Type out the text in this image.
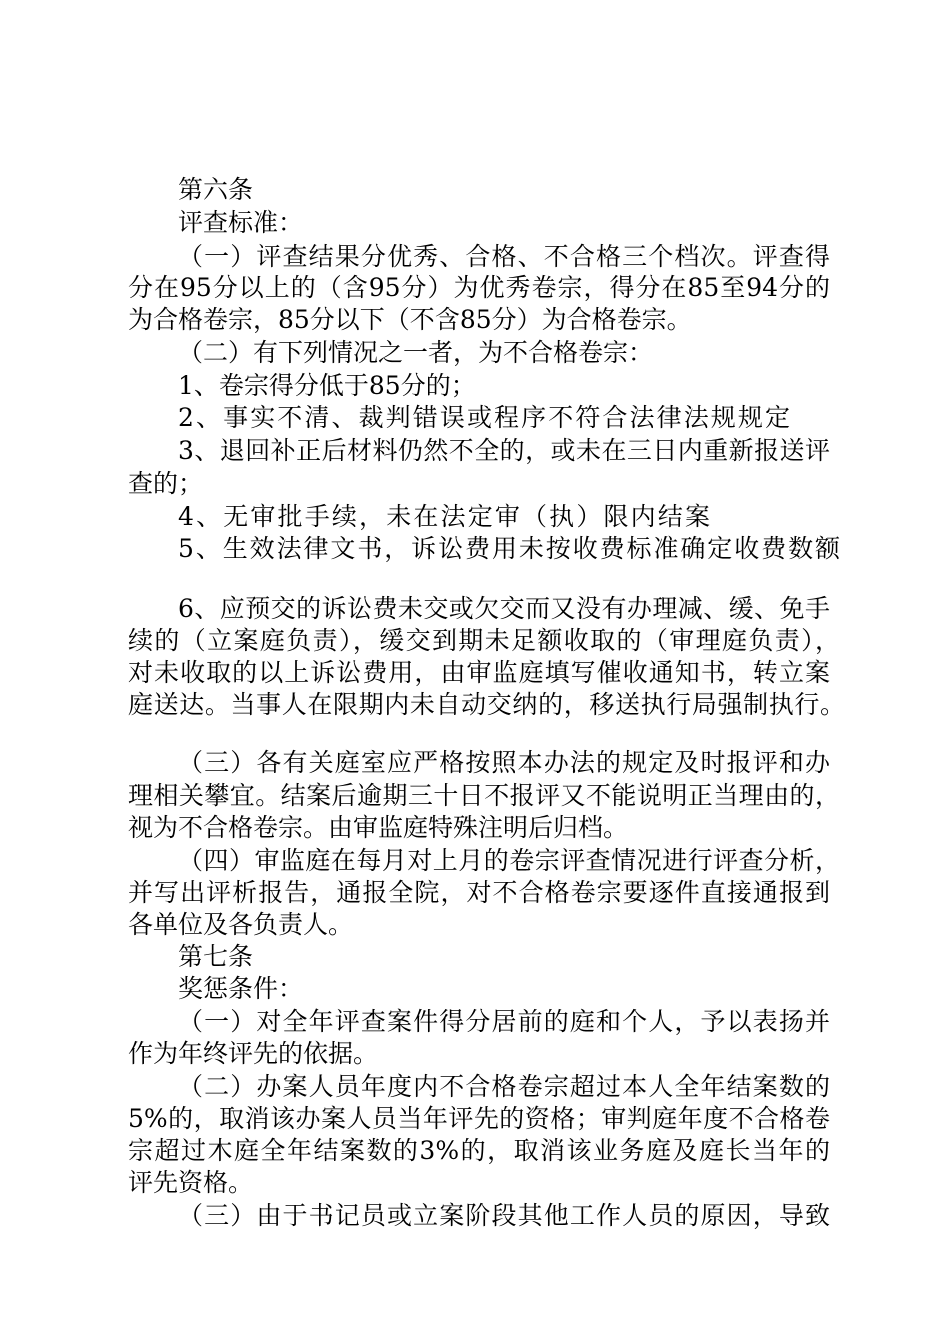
第六条
评查标准：
（一）评查结果分优秀、合格、不合格三个档次。评查得
分在95分以上的（含95分）为优秀卷宗，得分在85至94分的
为合格卷宗，85分以下（不含85分）为合格卷宗。
（二）有下列情况之一者，为不合格卷宗：
1、卷宗得分低于85分的；
2、事实不清、裁判错误或程序不符合法律法规规定
3、退回补正后材料仍然不全的，或未在三日内重新报送评
查的；
4、无审批手续，未在法定审（执）限内结案
5、生效法律文书，诉讼费用未按收费标准确定收费数额
6、应预交的诉讼费未交或欠交而又没有办理减、缓、免手
续的（立案庭负责），缓交到期未足额收取的（审理庭负责），
对未收取的以上诉讼费用，由审监庭填写催收通知书，转立案
庭送达。当事人在限期内未自动交纳的，移送执行局强制执行。
（三）各有关庭室应严格按照本办法的规定及时报评和办
理相关攀宜。结案后逾期三十日不报评又不能说明正当理由的，
视为不合格卷宗。由审监庭特殊注明后归档。
（四）审监庭在每月对上月的卷宗评查情况进行评查分析，
并写出评析报告，通报全院，对不合格卷宗要逐件直接通报到
各单位及各负责人。
第七条
奖惩条件：
（一）对全年评查案件得分居前的庭和个人，予以表扬并
作为年终评先的依据。
（二）办案人员年度内不合格卷宗超过本人全年结案数的
5%的，取消该办案人员当年评先的资格；审判庭年度不合格卷
宗超过木庭全年结案数的3%的，取消该业务庭及庭长当年的
评先资格。
（三）由于书记员或立案阶段其他工作人员的原因，导致
